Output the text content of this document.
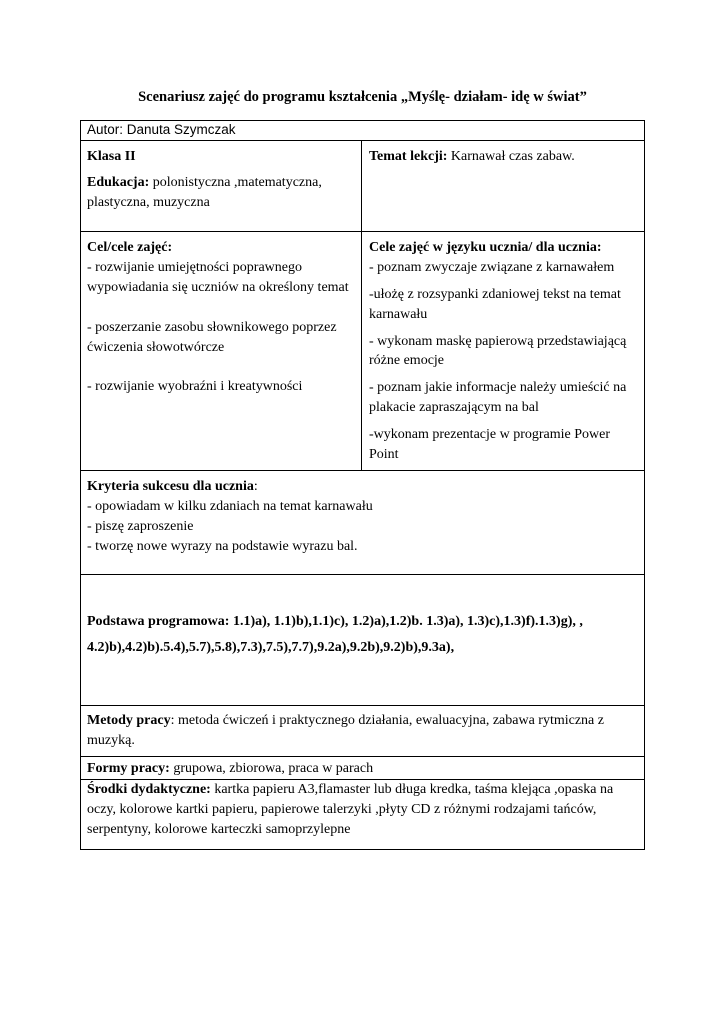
Scenariusz zajęć do programu kształcenia „Myślę- działam- idę w świat”
Autor: Danuta Szymczak

Klasa II

Edukacja: polonistyczna ,matematyczna,
plastyczna, muzyczna

Temat lekcji: Karnawał czas zabaw.

Cel/cele zajęć:

- rozwijanie umiejętności poprawnego wypowiadania się uczniów na określony temat

- poszerzanie zasobu słownikowego poprzez ćwiczenia słowotwórcze

- rozwijanie wyobraźni i kreatywności

Cele zajęć w języku ucznia/ dla ucznia:

- poznam zwyczaje związane z karnawałem

-ułożę z rozsypanki zdaniowej tekst na temat karnawału

- wykonam maskę papierową przedstawiającą różne emocje

- poznam jakie informacje należy umieścić na plakacie zapraszającym na bal

-wykonam prezentacje w programie Power Point

Kryteria sukcesu dla ucznia:

- opowiadam w kilku zdaniach na temat karnawału

- piszę zaproszenie

- tworzę nowe wyrazy na podstawie wyrazu bal.

Podstawa programowa: 1.1)a), 1.1)b),1.1)c), 1.2)a),1.2)b. 1.3)a), 1.3)c),1.3)f).1.3)g), ,

4.2)b),4.2)b).5.4),5.7),5.8),7.3),7.5),7.7),9.2a),9.2b),9.2)b),9.3a),

Metody pracy: metoda ćwiczeń i praktycznego działania, ewaluacyjna, zabawa rytmiczna z muzyką.

Formy pracy: grupowa, zbiorowa, praca w parach

Środki dydaktyczne: kartka papieru A3,flamaster lub długa kredka, taśma klejąca ,opaska na oczy, kolorowe kartki papieru, papierowe talerzyki ,płyty CD z różnymi rodzajami tańców, serpentyny, kolorowe karteczki samoprzylepne
